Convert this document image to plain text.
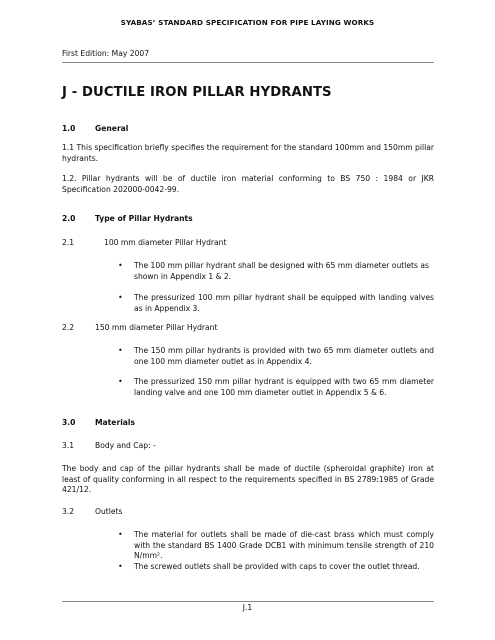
SYABAS’ STANDARD SPECIFICATION FOR PIPE LAYING WORKS
First Edition: May 2007
J - DUCTILE IRON PILLAR HYDRANTS
1.0	General
1.1 This specification briefly specifies the requirement for the standard 100mm and 150mm pillar hydrants.
1.2. Pillar hydrants will be of ductile iron material conforming to BS 750 : 1984 or JKR Specification 202000-0042-99.
2.0	Type of Pillar Hydrants
2.1	100 mm diameter Pillar Hydrant
• The 100 mm pillar hydrant shall be designed with 65 mm diameter outlets as shown in Appendix 1 & 2.
• The pressurized 100 mm pillar hydrant shall be equipped with landing valves as in Appendix 3.
2.2	150 mm diameter Pillar Hydrant
• The 150 mm pillar hydrants is provided with two 65 mm diameter outlets and one 100 mm diameter outlet as in Appendix 4.
• The pressurized 150 mm pillar hydrant is equipped with two 65 mm diameter landing valve and one 100 mm diameter outlet in Appendix 5 & 6.
3.0	Materials
3.1	Body and Cap: -
The body and cap of the pillar hydrants shall be made of ductile (spheroidal graphite) iron at least of quality conforming in all respect to the requirements specified in BS 2789:1985 of Grade 421/12.
3.2	Outlets
• The material for outlets shall be made of die-cast brass which must comply with the standard BS 1400 Grade DCB1 with minimum tensile strength of 210 N/mm².
• The screwed outlets shall be provided with caps to cover the outlet thread.
J.1
